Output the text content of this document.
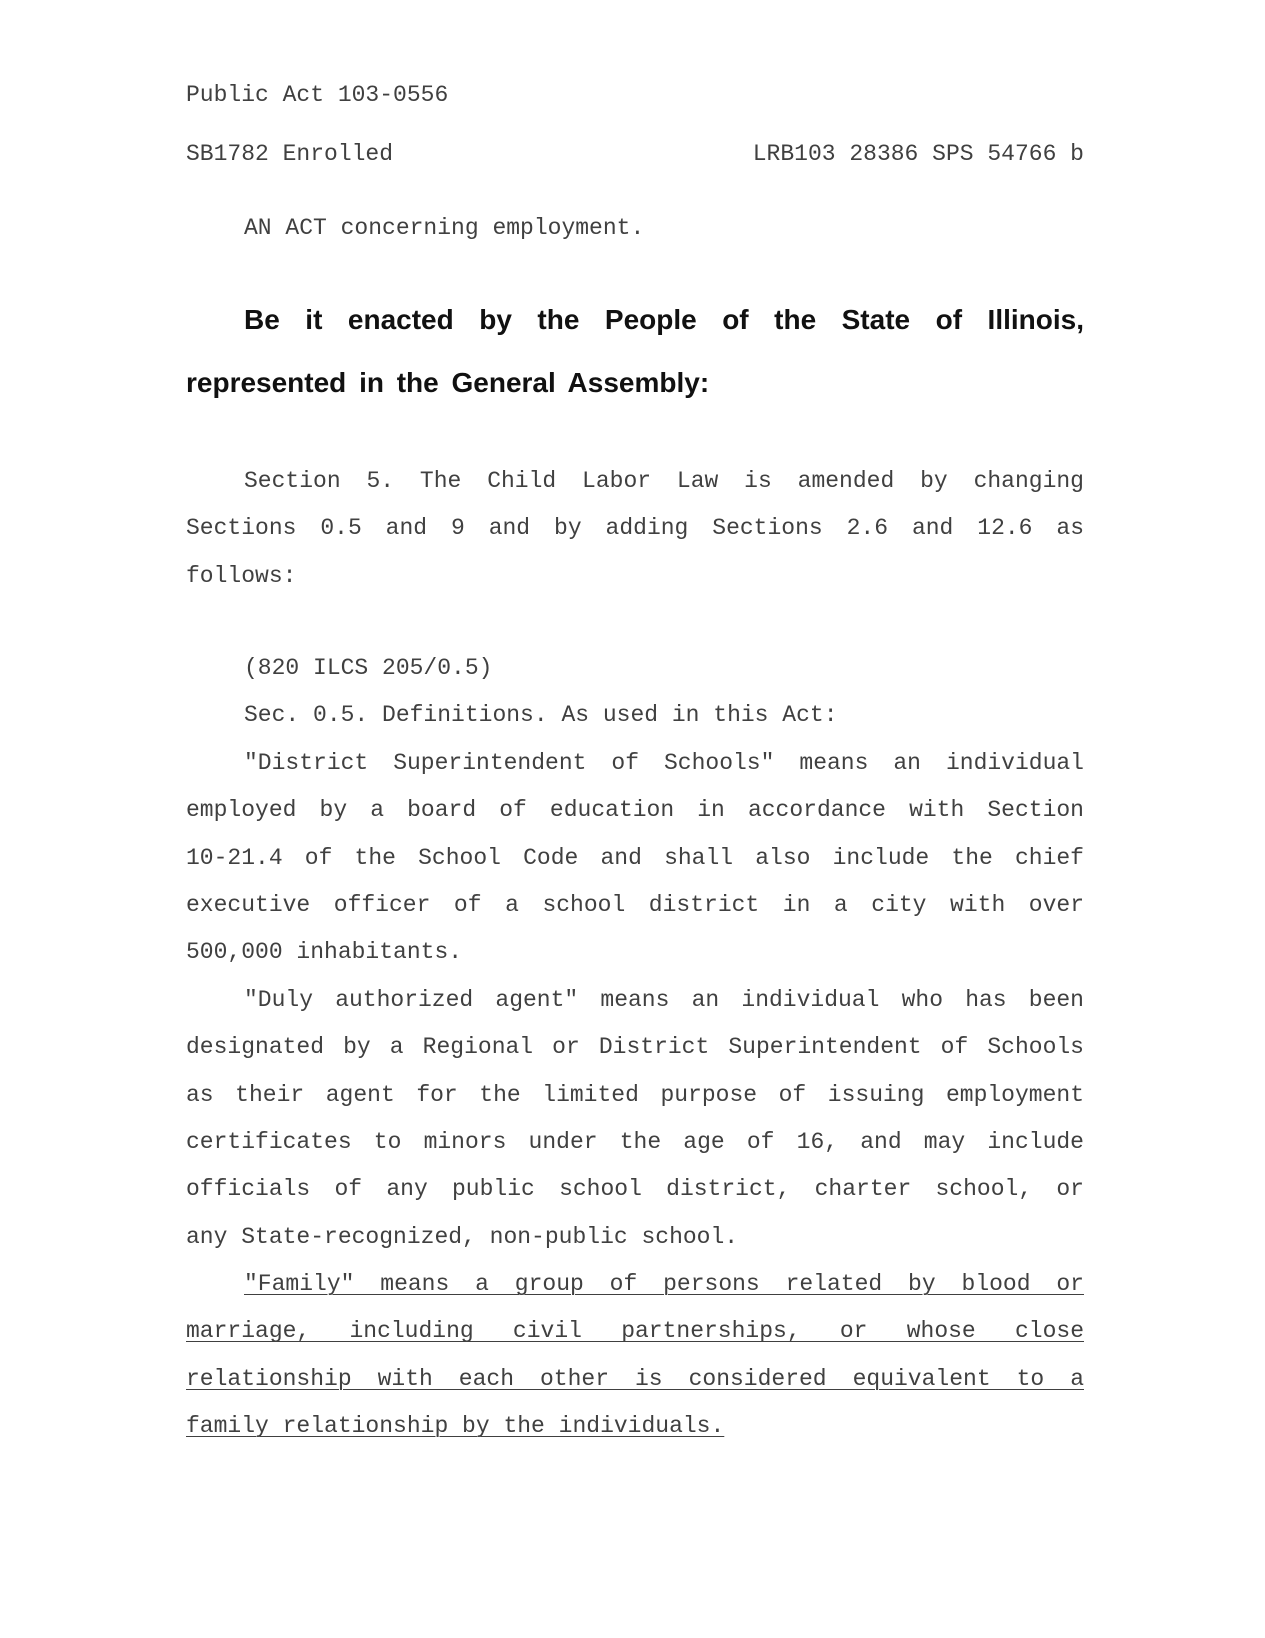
Public Act 103-0556
SB1782 Enrolled	LRB103 28386 SPS 54766 b
AN ACT concerning employment.
Be it enacted by the People of the State of Illinois,
represented in the General Assembly:
Section 5. The Child Labor Law is amended by changing
Sections 0.5 and 9 and by adding Sections 2.6 and 12.6 as
follows:
(820 ILCS 205/0.5)
Sec. 0.5. Definitions. As used in this Act:
"District Superintendent of Schools" means an individual
employed by a board of education in accordance with Section
10-21.4 of the School Code and shall also include the chief
executive officer of a school district in a city with over
500,000 inhabitants.
"Duly authorized agent" means an individual who has been
designated by a Regional or District Superintendent of Schools
as their agent for the limited purpose of issuing employment
certificates to minors under the age of 16, and may include
officials of any public school district, charter school, or
any State-recognized, non-public school.
"Family" means a group of persons related by blood or
marriage, including civil partnerships, or whose close
relationship with each other is considered equivalent to a
family relationship by the individuals.
